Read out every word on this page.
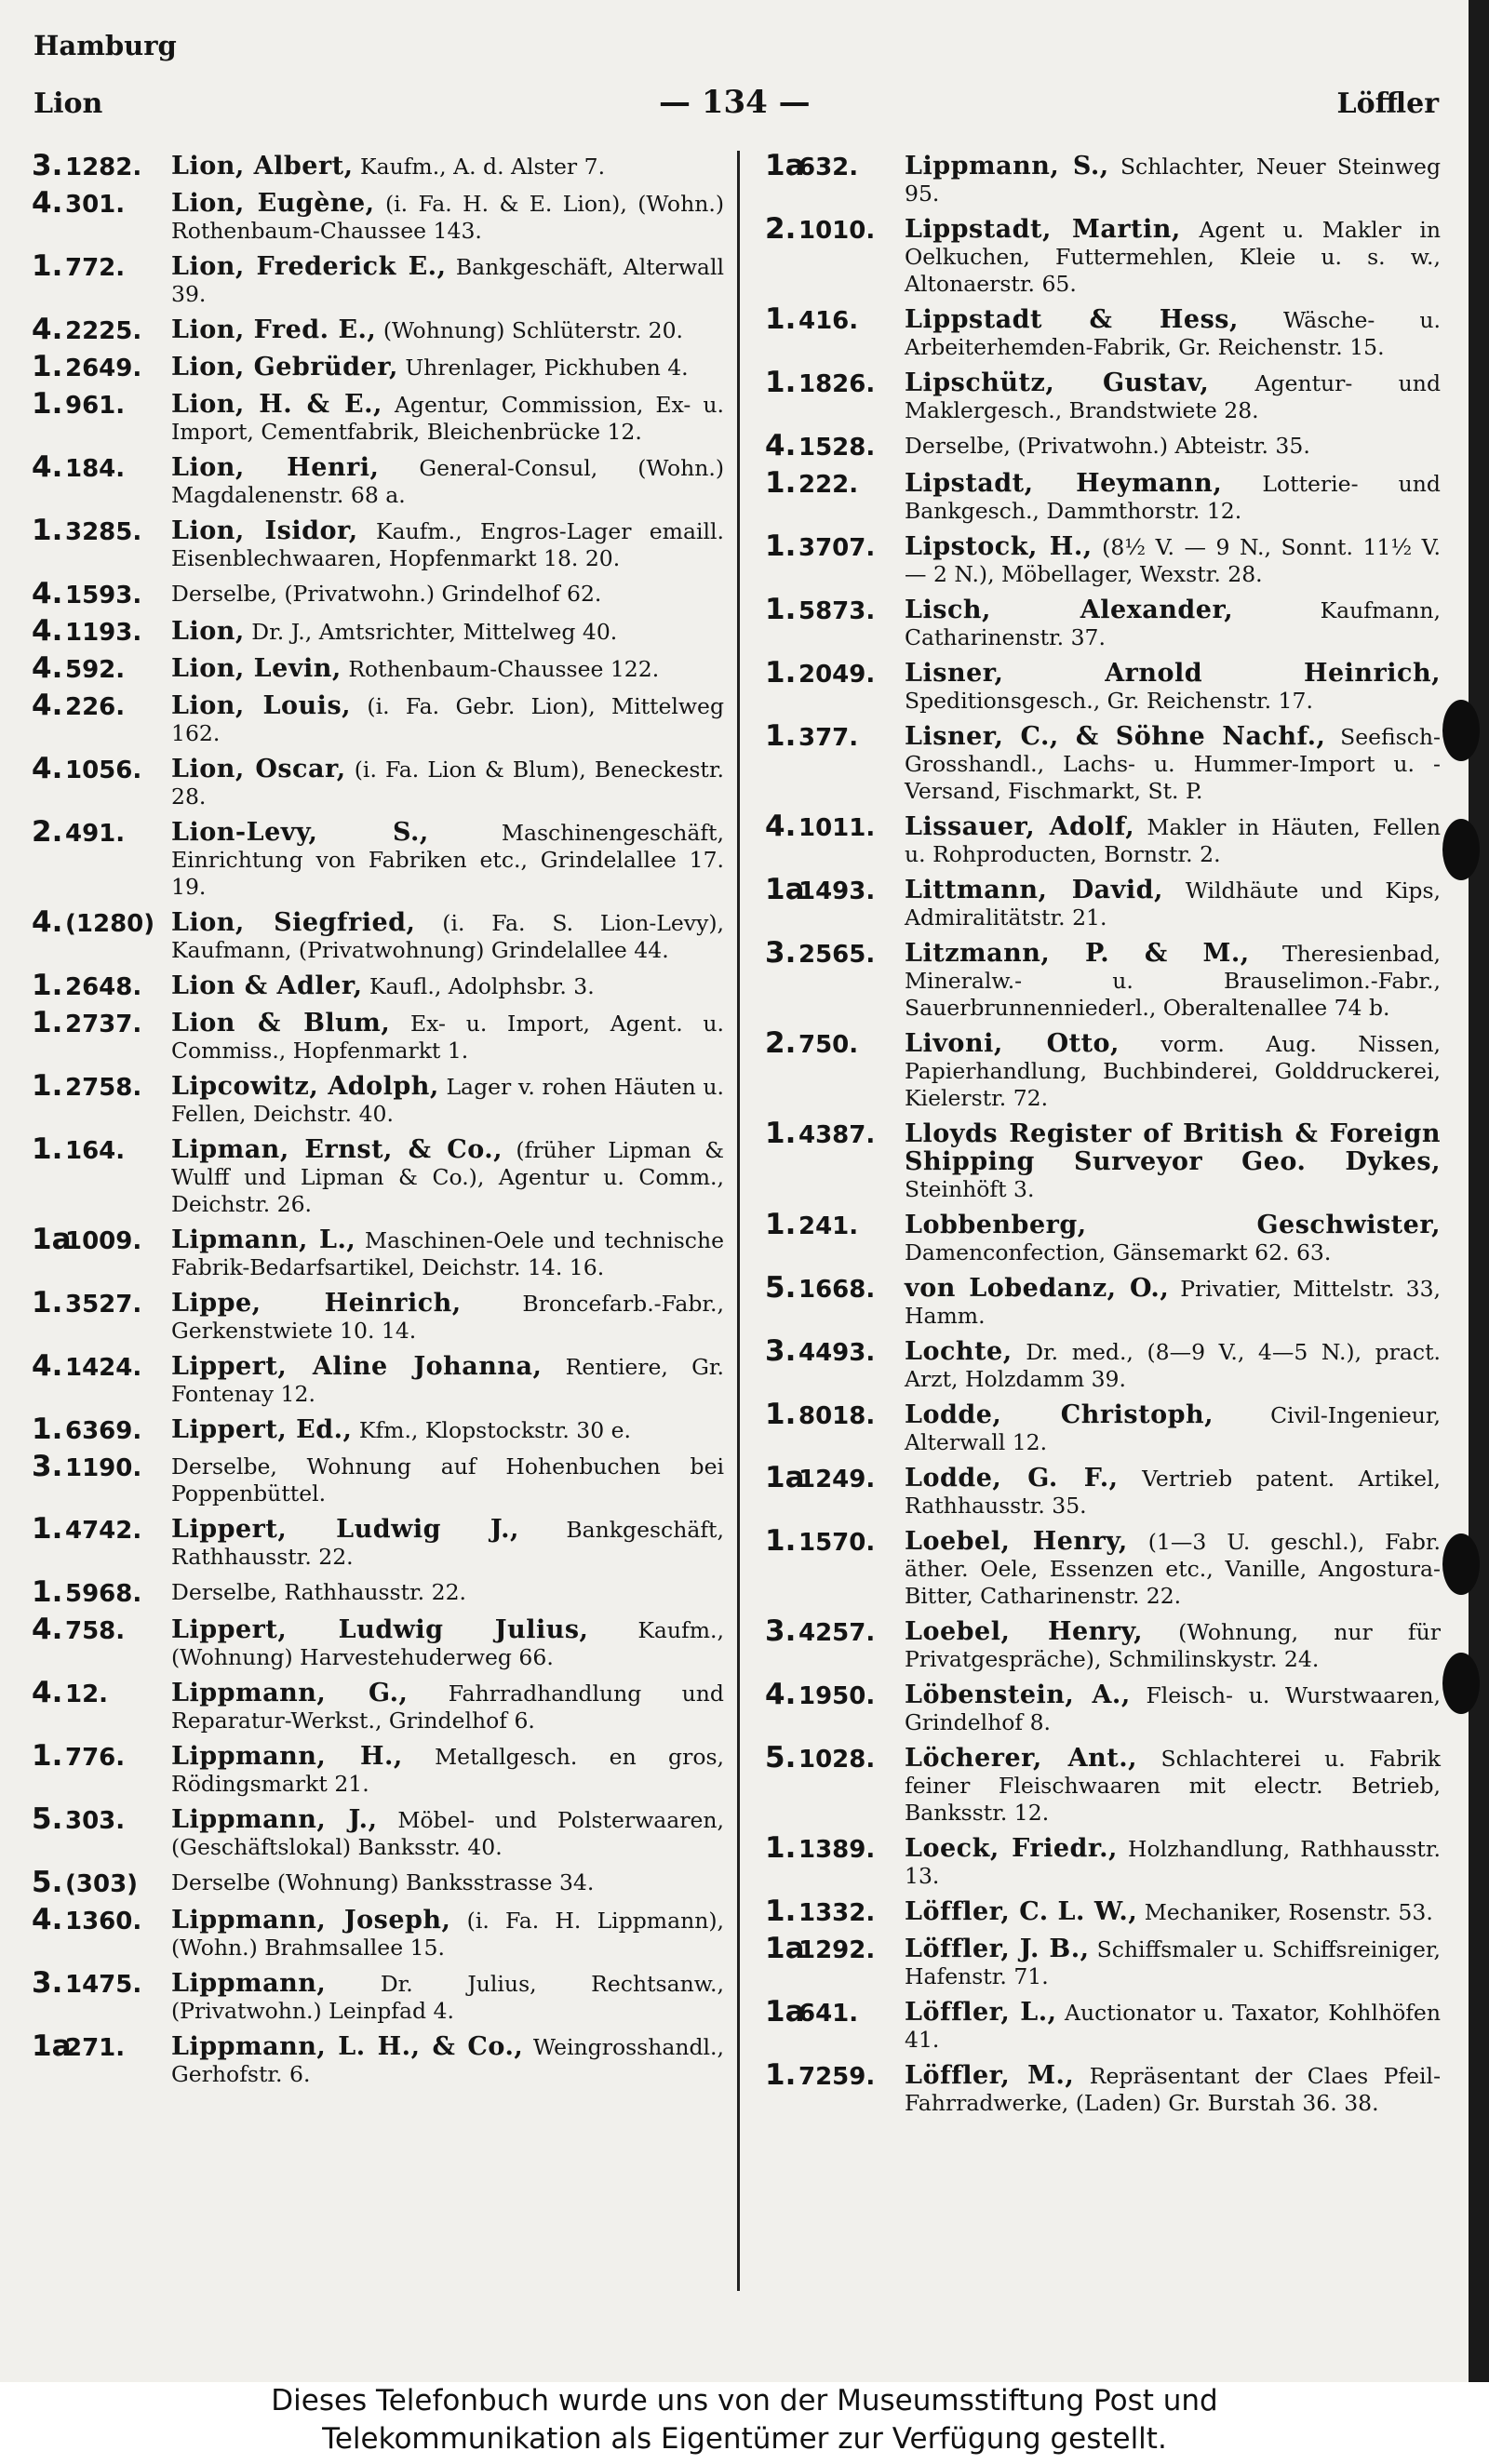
Hamburg
Lion	— 134 —	Löffler
3. 1282.	Lion, Albert, Kaufm., A. d. Alster 7.
4. 301.	Lion, Eugène, (i. Fa. H. & E. Lion), (Wohn.) Rothenbaum-Chaussee 143.
1. 772.	Lion, Frederick E., Bankgeschäft, Alterwall 39.
4. 2225.	Lion, Fred. E., (Wohnung) Schlüterstr. 20.
1. 2649.	Lion, Gebrüder, Uhrenlager, Pickhuben 4.
1. 961.	Lion, H. & E., Agentur, Commission, Ex- u. Import, Cementfabrik, Bleichenbrücke 12.
4. 184.	Lion, Henri, General-Consul, (Wohn.) Magdalenenstr. 68 a.
1. 3285.	Lion, Isidor, Kaufm., Engros-Lager emaill. Eisenblechwaaren, Hopfenmarkt 18. 20.
4. 1593.	Derselbe, (Privatwohn.) Grindelhof 62.
4. 1193.	Lion, Dr. J., Amtsrichter, Mittelweg 40.
4. 592.	Lion, Levin, Rothenbaum-Chaussee 122.
4. 226.	Lion, Louis, (i. Fa. Gebr. Lion), Mittelweg 162.
4. 1056.	Lion, Oscar, (i. Fa. Lion & Blum), Beneckestr. 28.
2. 491.	Lion-Levy, S.,	Maschinengeschäft, Einrichtung von Fabriken etc., Grindelallee 17. 19.
4. (1280) Lion, Siegfried, (i. Fa. S. Lion-Levy), Kaufmann, (Privatwohnung) Grindelallee 44.
1. 2648.	Lion & Adler, Kaufl., Adolphsbr. 3.
1. 2737.	Lion & Blum, Ex- u. Import, Agent. u. Commiss., Hopfenmarkt 1.
1. 2758.	Lipcowitz, Adolph, Lager v. rohen Häuten u. Fellen, Deichstr. 40.
1. 164.	Lipman, Ernst, & Co., (früher Lipman & Wulff und Lipman & Co.), Agentur u. Comm., Deichstr. 26.
1a1009.	Lipmann, L., Maschinen-Oele und technische Fabrik-Bedarfsartikel, Deichstr. 14. 16.
1. 3527.	Lippe, Heinrich,	Broncefarb.-Fabr., Gerkenstwiete 10. 14.
4. 1424.	Lippert, Aline Johanna, Rentiere, Gr. Fontenay 12.
1. 6369.	Lippert, Ed., Kfm., Klopstockstr. 30 e.
3. 1190.	Derselbe, Wohnung auf Hohenbuchen bei Poppenbüttel.
1. 4742.	Lippert, Ludwig J., Bankgeschäft, Rathhausstr. 22.
1. 5968.	Derselbe, Rathhausstr. 22.
4. 758.	Lippert, Ludwig Julius, Kaufm., (Wohnung) Harvestehuderweg 66.
4. 12.	Lippmann, G., Fahrradhandlung und Reparatur-Werkst., Grindelhof 6.
1. 776.	Lippmann, H., Metallgesch. en gros, Rödingsmarkt 21.
5. 303.	Lippmann, J., Möbel- und Polsterwaaren, (Geschäftslokal) Banksstr. 40.
5. (303)	Derselbe (Wohnung) Banksstrasse 34.
4. 1360.	Lippmann, Joseph, (i. Fa. H. Lippmann), (Wohn.) Brahmsallee 15.
3. 1475.	Lippmann, Dr. Julius, Rechtsanw., (Privatwohn.) Leinpfad 4.
1a271.	Lippmann, L. H., & Co., Weingrosshandl., Gerhofstr. 6.
1a632.	Lippmann, S., Schlachter, Neuer Steinweg 95.
2. 1010.	Lippstadt, Martin, Agent u. Makler in Oelkuchen, Futtermehlen, Kleie u. s. w., Altonaerstr. 65.
1. 416.	Lippstadt & Hess, Wäsche- u. Arbeiterhemden-Fabrik, Gr. Reichenstr. 15.
1. 1826.	Lipschütz, Gustav, Agentur- und Maklergesch., Brandstwiete 28.
4. 1528.	Derselbe, (Privatwohn.) Abteistr. 35.
1. 222.	Lipstadt, Heymann, Lotterie- und Bankgesch., Dammthorstr. 12.
1. 3707.	Lipstock, H., (8½ V. — 9 N., Sonnt. 11½ V. — 2 N.), Möbellager, Wexstr. 28.
1. 5873.	Lisch, Alexander,	Kaufmann, Catharinenstr. 37.
1. 2049.	Lisner, Arnold Heinrich, Speditionsgesch., Gr. Reichenstr. 17.
1. 377.	Lisner, C., & Söhne Nachf., Seefisch-Grosshandl., Lachs- u. Hummer-Import u. -Versand, Fischmarkt, St. P.
4. 1011.	Lissauer, Adolf, Makler in Häuten, Fellen u. Rohproducten, Bornstr. 2.
1a1493.	Littmann, David, Wildhäute und Kips, Admiralitätstr. 21.
3. 2565.	Litzmann, P. & M., Theresienbad, Mineralw.- u. Brauselimon.-Fabr., Sauerbrunnenniederl., Oberaltenallee 74 b.
2. 750.	Livoni, Otto, vorm. Aug. Nissen, Papierhandlung, Buchbinderei, Golddruckerei, Kielerstr. 72.
1. 4387.	Lloyds Register of British & Foreign Shipping Surveyor Geo. Dykes, Steinhöft 3.
1. 241.	Lobbenberg, Geschwister, Damenconfection, Gänsemarkt 62. 63.
5. 1668.	von Lobedanz, O., Privatier, Mittelstr. 33, Hamm.
3. 4493.	Lochte, Dr. med., (8—9 V., 4—5 N.), pract. Arzt, Holzdamm 39.
1. 8018.	Lodde, Christoph,	Civil-Ingenieur, Alterwall 12.
1a1249.	Lodde, G. F., Vertrieb patent. Artikel, Rathhausstr. 35.
1. 1570.	Loebel, Henry, (1—3 U. geschl.), Fabr. äther. Oele, Essenzen etc., Vanille, Angostura-Bitter, Catharinenstr. 22.
3. 4257.	Loebel, Henry, (Wohnung, nur für Privatgespräche), Schmilinskystr. 24.
4. 1950.	Löbenstein, A., Fleisch- u. Wurstwaaren, Grindelhof 8.
5. 1028.	Löcherer, Ant., Schlachterei u. Fabrik feiner Fleischwaaren mit electr. Betrieb, Banksstr. 12.
1. 1389.	Loeck, Friedr., Holzhandlung, Rathhausstr. 13.
1. 1332.	Löffler, C. L. W., Mechaniker, Rosenstr. 53.
1a1292.	Löffler, J. B., Schiffsmaler u. Schiffsreiniger, Hafenstr. 71.
1a641.	Löffler, L., Auctionator u. Taxator, Kohlhöfen 41.
1. 7259.	Löffler, M., Repräsentant der Claes Pfeil-Fahrradwerke, (Laden) Gr. Burstah 36. 38.
Dieses Telefonbuch wurde uns von der Museumsstiftung Post und
Telekommunikation als Eigentümer zur Verfügung gestellt.
